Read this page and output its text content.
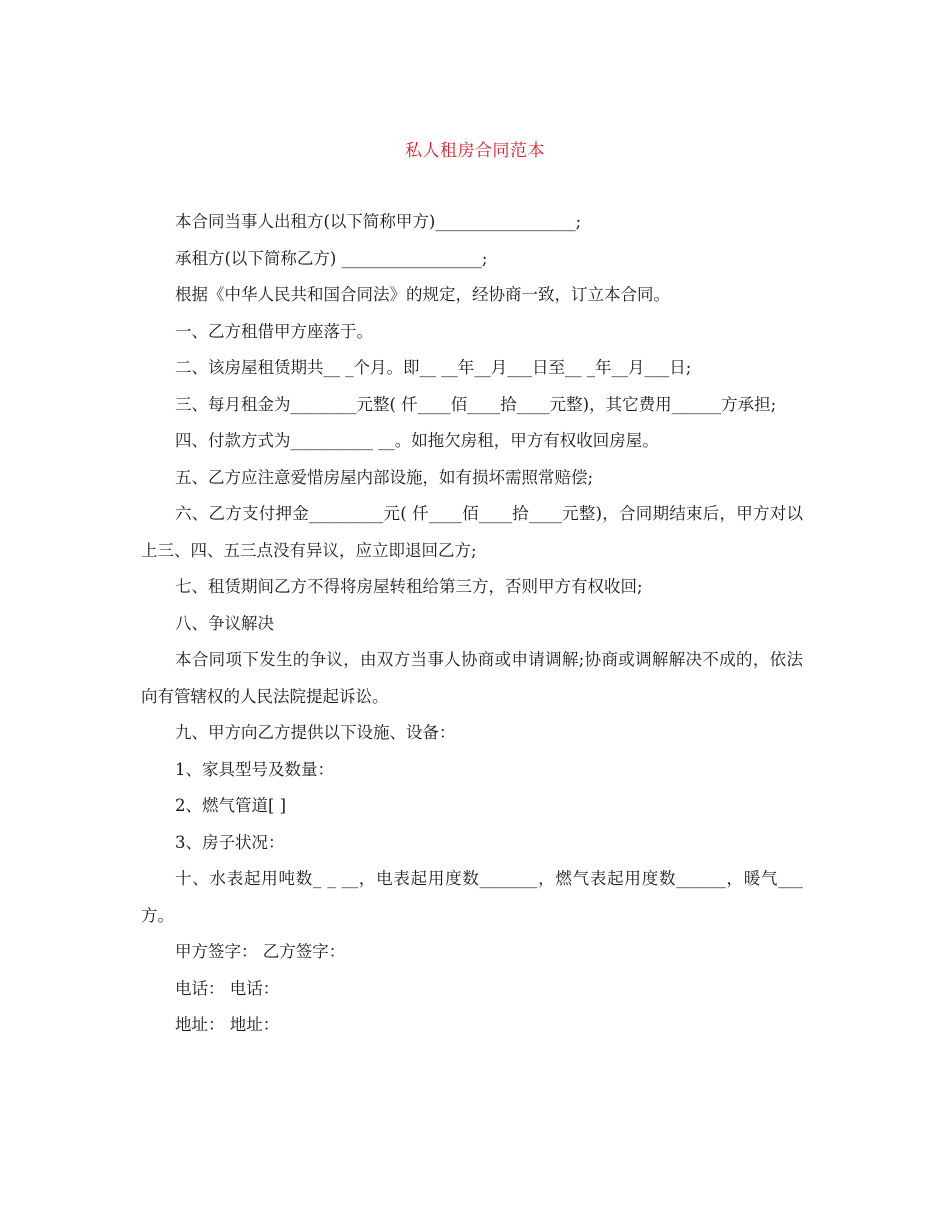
私人租房合同范本

本合同当事人出租方(以下简称甲方)_________________;

承租方(以下简称乙方) _________________;

根据《中华人民共和国合同法》的规定，经协商一致，订立本合同。

一、乙方租借甲方座落于。

二、该房屋租赁期共__ _个月。即__ __年__月___日至__ _年__月___日;

三、每月租金为________元整( 仟____佰____拾____元整)，其它费用______方承担;

四、付款方式为__________ __。如拖欠房租，甲方有权收回房屋。

五、乙方应注意爱惜房屋内部设施，如有损坏需照常赔偿;

六、乙方支付押金_________元( 仟____佰____拾____元整)，合同期结束后，甲方对以上三、四、五三点没有异议，应立即退回乙方;

七、租赁期间乙方不得将房屋转租给第三方，否则甲方有权收回;

八、争议解决

本合同项下发生的争议，由双方当事人协商或申请调解;协商或调解解决不成的，依法向有管辖权的人民法院提起诉讼。

九、甲方向乙方提供以下设施、设备：

1、家具型号及数量：

2、燃气管道[ ]

3、房子状况：

十、水表起用吨数_ _ __，电表起用度数_______，燃气表起用度数______，暖气___方。

甲方签字： 乙方签字：

电话： 电话：

地址： 地址：
